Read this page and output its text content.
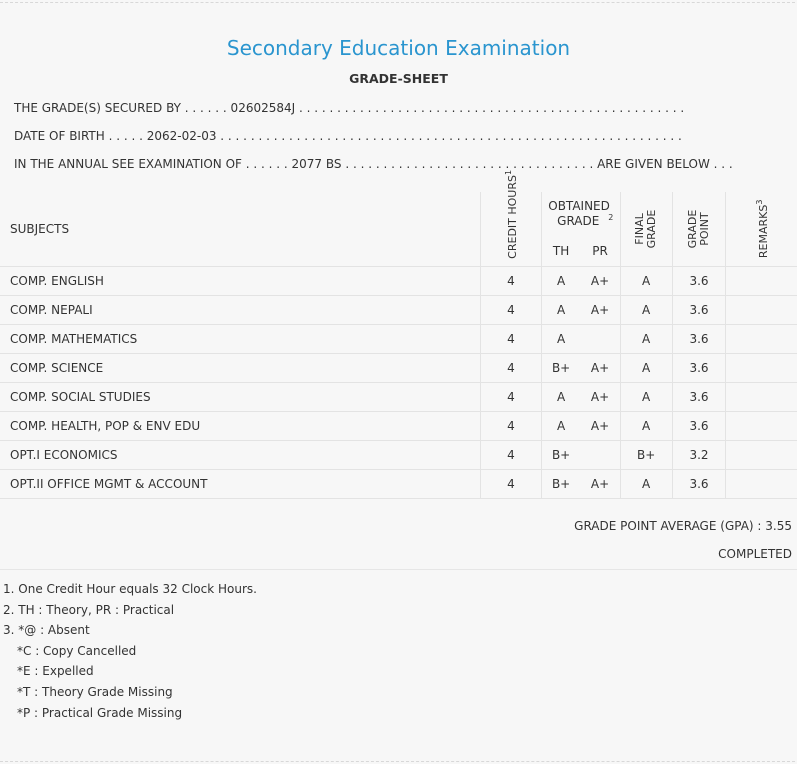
Secondary Education Examination
GRADE-SHEET
THE GRADE(S) SECURED BY . . . . . . 02602584J . . . . . . . . . . . . . . . . . . . . . . . . . . . . . . . . . . . . . . . . . . . . . . . . . . .
DATE OF BIRTH . . . . . 2062-02-03 . . . . . . . . . . . . . . . . . . . . . . . . . . . . . . . . . . . . . . . . . . . . . . . . . . . . . . . . . . . . .
IN THE ANNUAL SEE EXAMINATION OF . . . . . . 2077 BS . . . . . . . . . . . . . . . . . . . . . . . . . . . . . . . . . ARE GIVEN BELOW . . .
SUBJECTS	CREDIT HOURS$^1$	OBTAINED GRADE $^2$		FINAL GRADE	GRADE POINT	REMARKS$^3$
		TH	PR			
COMP. ENGLISH	4	A	A+	A	3.6	
COMP. NEPALI	4	A	A+	A	3.6	
COMP. MATHEMATICS	4	A		A	3.6	
COMP. SCIENCE	4	B+	A+	A	3.6	
COMP. SOCIAL STUDIES	4	A	A+	A	3.6	
COMP. HEALTH, POP & ENV EDU	4	A	A+	A	3.6	
OPT.I ECONOMICS	4	B+		B+	3.2	
OPT.II OFFICE MGMT & ACCOUNT	4	B+	A+	A	3.6	
GRADE POINT AVERAGE (GPA) : 3.55
COMPLETED
1. One Credit Hour equals 32 Clock Hours.
2. TH : Theory, PR : Practical
3. *@ : Absent
*C : Copy Cancelled
*E : Expelled
*T : Theory Grade Missing
*P : Practical Grade Missing
